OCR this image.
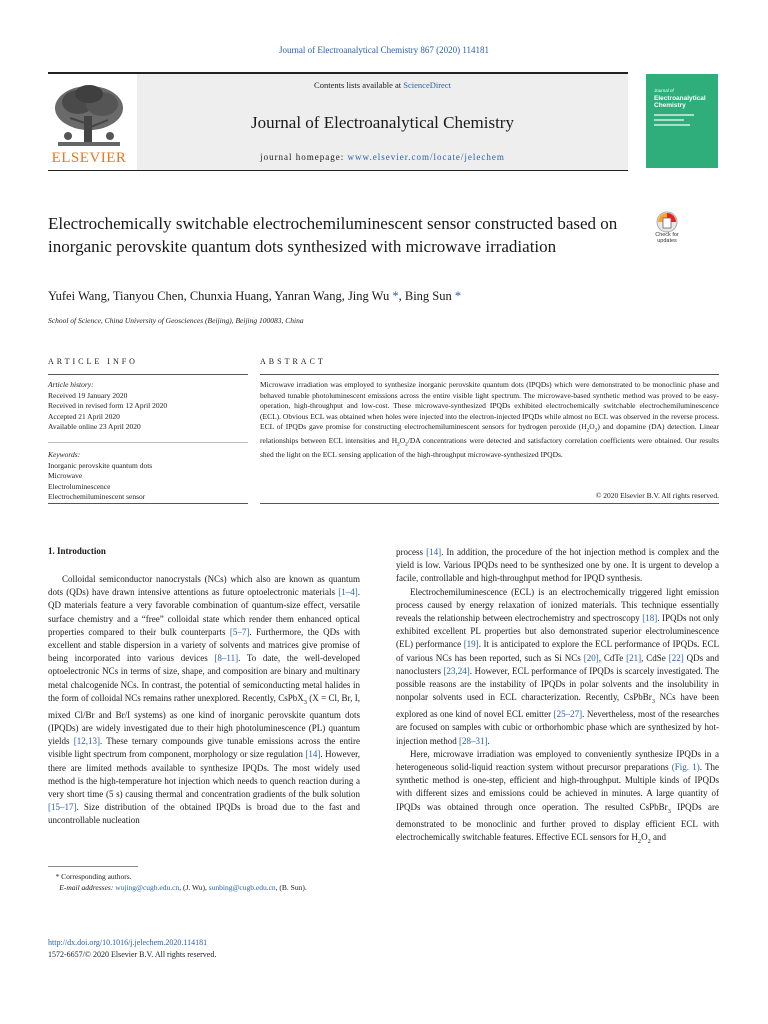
Journal of Electroanalytical Chemistry 867 (2020) 114181
Contents lists available at ScienceDirect
Journal of Electroanalytical Chemistry
journal homepage: www.elsevier.com/locate/jelechem
ELSEVIER
Journal of
Electroanalytical Chemistry
Check for
updates
Electrochemically switchable electrochemiluminescent sensor constructed based on inorganic perovskite quantum dots synthesized with microwave irradiation
Yufei Wang, Tianyou Chen, Chunxia Huang, Yanran Wang, Jing Wu *, Bing Sun *
School of Science, China University of Geosciences (Beijing), Beijing 100083, China
ARTICLE INFO	ABSTRACT
Article history:
Received 19 January 2020
Received in revised form 12 April 2020
Accepted 21 April 2020
Available online 23 April 2020
Keywords:
Inorganic perovskite quantum dots
Microwave
Electroluminescence
Electrochemiluminescent sensor
Microwave irradiation was employed to synthesize inorganic perovskite quantum dots (IPQDs) which were demonstrated to be monoclinic phase and behaved tunable photoluminescent emissions across the entire visible light spectrum. The microwave-based synthetic method was proved to be easy-operation, high-throughput and low-cost. These microwave-synthesized IPQDs exhibited electrochemically switchable electrochemiluminescence (ECL). Obvious ECL was obtained when holes were injected into the electron-injected IPQDs while almost no ECL was observed in the reverse process. ECL of IPQDs gave promise for constructing electrochemiluminescent sensors for hydrogen peroxide $(H_2O_2)$ and dopamine (DA) detection. Linear relationships between ECL intensities and $H_2O_2/DA$ concentrations were detected and satisfactory correlation coefficients were obtained. Our results shed the light on the ECL sensing application of the high-throughput microwave-synthesized IPQDs.
© 2020 Elsevier B.V. All rights reserved.
1. Introduction

Colloidal semiconductor nanocrystals (NCs) which also are known as quantum dots (QDs) have drawn intensive attentions as future optoelectronic materials [1–4]. QD materials feature a very favorable combination of quantum-size effect, versatile surface chemistry and a “free” colloidal state which render them enhanced optical properties compared to their bulk counterparts [5–7]. Furthermore, the QDs with excellent and stable dispersion in a variety of solvents and matrices give promise of being incorporated into various devices [8–11]. To date, the well-developed optoelectronic NCs in terms of size, shape, and composition are binary and multinary metal chalcogenide NCs. In contrast, the potential of semiconducting metal halides in the form of colloidal NCs remains rather unexplored. Recently, CsPbX$_3$ (X = Cl, Br, I, mixed Cl/Br and Br/I systems) as one kind of inorganic perovskite quantum dots (IPQDs) are widely investigated due to their high photoluminescence (PL) quantum yields [12,13]. These ternary compounds give tunable emissions across the entire visible light spectrum from component, morphology or size regulation [14]. However, there are limited methods available to synthesize IPQDs. The most widely used method is the high-temperature hot injection which needs to quench reaction during a very short time (5 s) causing thermal and concentration gradients of the bulk solution [15–17]. Size distribution of the obtained IPQDs is broad due to the fast and uncontrollable nucleation

process [14]. In addition, the procedure of the hot injection method is complex and the yield is low. Various IPQDs need to be synthesized one by one. It is urgent to develop a facile, controllable and high-throughput method for IPQD synthesis.

Electrochemiluminescence (ECL) is an electrochemically triggered light emission process caused by energy relaxation of ionized materials. This technique essentially reveals the relationship between electrochemistry and spectroscopy [18]. IPQDs not only exhibited excellent PL properties but also demonstrated superior electroluminescence (EL) performance [19]. It is anticipated to explore the ECL performance of IPQDs. ECL of various NCs has been reported, such as Si NCs [20], CdTe [21], CdSe [22] QDs and nanoclusters [23,24]. However, ECL performance of IPQDs is scarcely investigated. The possible reasons are the instability of IPQDs in polar solvents and the insolubility in nonpolar solvents used in ECL characterization. Recently, CsPbBr$_3$ NCs have been explored as one kind of novel ECL emitter [25–27]. Nevertheless, most of the researches are focused on samples with cubic or orthorhombic phase which are synthesized by hot-injection method [28–31].

Here, microwave irradiation was employed to conveniently synthesize IPQDs in a heterogeneous solid-liquid reaction system without precursor preparations (Fig. 1). The synthetic method is one-step, efficient and high-throughput. Multiple kinds of IPQDs with different sizes and emissions could be achieved in minutes. A large quantity of IPQDs was obtained through once operation. The resulted CsPbBr$_3$ IPQDs are demonstrated to be monoclinic and further proved to display efficient ECL with electrochemically switchable features. Effective ECL sensors for $H_2O_2$ and

* Corresponding authors.
E-mail addresses: wujing@cugb.edu.cn, (J. Wu), sunbing@cugb.edu.cn, (B. Sun).
http://dx.doi.org/10.1016/j.jelechem.2020.114181
1572-6657/© 2020 Elsevier B.V. All rights reserved.
